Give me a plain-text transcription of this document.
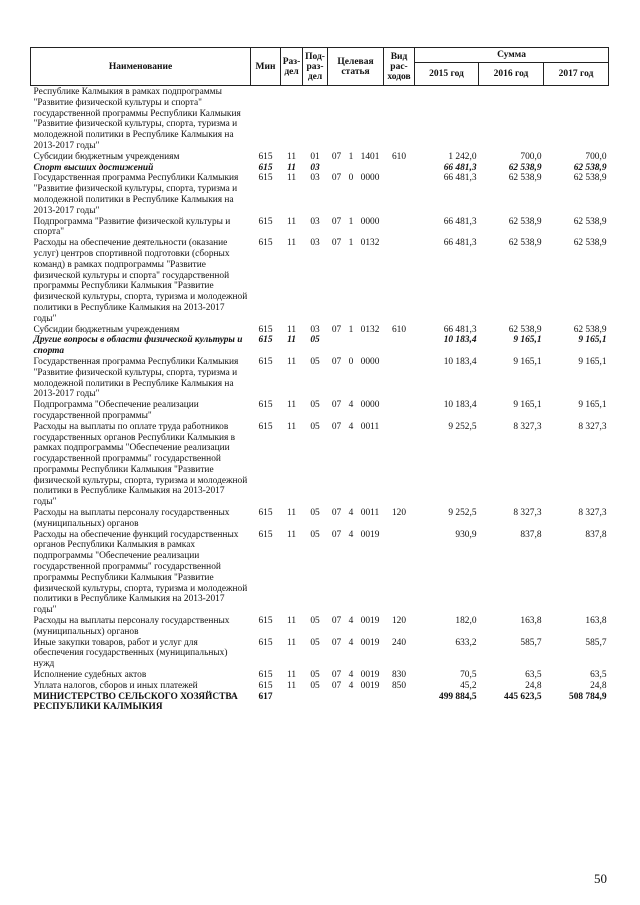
Наименование	Мин	Раз-дел	Под-раз-дел	Целевая статья			Вид рас-ходов	Сумма		
								2015 год	2016 год	2017 год
Республике Калмыкия в рамках подпрограммы "Развитие физической культуры и спорта" государственной программы Республики Калмыкия "Развитие физической культуры, спорта, туризма и молодежной политики в Республике Калмыкия на 2013-2017 годы"										
Субсидии бюджетным учреждениям	615	11	01	07	1	1401	610	1 242,0	700,0	700,0
Спорт высших достижений	615	11	03					66 481,3	62 538,9	62 538,9
Государственная программа Республики Калмыкия "Развитие физической культуры, спорта, туризма и молодежной политики в Республике Калмыкия на 2013-2017 годы"	615	11	03	07	0	0000		66 481,3	62 538,9	62 538,9
Подпрограмма "Развитие физической культуры и спорта"	615	11	03	07	1	0000		66 481,3	62 538,9	62 538,9
Расходы на обеспечение деятельности (оказание услуг) центров спортивной подготовки (сборных команд) в рамках подпрограммы "Развитие физической культуры и спорта" государственной программы Республики Калмыкия "Развитие физической культуры, спорта, туризма и молодежной политики в Республике Калмыкия на 2013-2017 годы"	615	11	03	07	1	0132		66 481,3	62 538,9	62 538,9
Субсидии бюджетным учреждениям	615	11	03	07	1	0132	610	66 481,3	62 538,9	62 538,9
Другие вопросы в области физической культуры и спорта	615	11	05					10 183,4	9 165,1	9 165,1
Государственная программа Республики Калмыкия "Развитие физической культуры, спорта, туризма и молодежной политики в Республике Калмыкия на 2013-2017 годы"	615	11	05	07	0	0000		10 183,4	9 165,1	9 165,1
Подпрограмма "Обеспечение реализации государственной программы"	615	11	05	07	4	0000		10 183,4	9 165,1	9 165,1
Расходы на выплаты по оплате труда работников государственных органов Республики Калмыкия в рамках подпрограммы "Обеспечение реализации государственной программы" государственной программы Республики Калмыкия "Развитие физической культуры, спорта, туризма и молодежной политики в Республике Калмыкия на 2013-2017 годы"	615	11	05	07	4	0011		9 252,5	8 327,3	8 327,3
Расходы на выплаты персоналу государственных (муниципальных) органов	615	11	05	07	4	0011	120	9 252,5	8 327,3	8 327,3
Расходы на обеспечение функций государственных органов Республики Калмыкия в рамках подпрограммы "Обеспечение реализации государственной программы" государственной программы Республики Калмыкия "Развитие физической культуры, спорта, туризма и молодежной политики в Республике Калмыкия на 2013-2017 годы"	615	11	05	07	4	0019		930,9	837,8	837,8
Расходы на выплаты персоналу государственных (муниципальных) органов	615	11	05	07	4	0019	120	182,0	163,8	163,8
Иные закупки товаров, работ и услуг для обеспечения государственных (муниципальных) нужд	615	11	05	07	4	0019	240	633,2	585,7	585,7
Исполнение судебных актов	615	11	05	07	4	0019	830	70,5	63,5	63,5
Уплата налогов, сборов и иных платежей	615	11	05	07	4	0019	850	45,2	24,8	24,8
МИНИСТЕРСТВО СЕЛЬСКОГО ХОЗЯЙСТВА РЕСПУБЛИКИ КАЛМЫКИЯ	617							499 884,5	445 623,5	508 784,9
50
